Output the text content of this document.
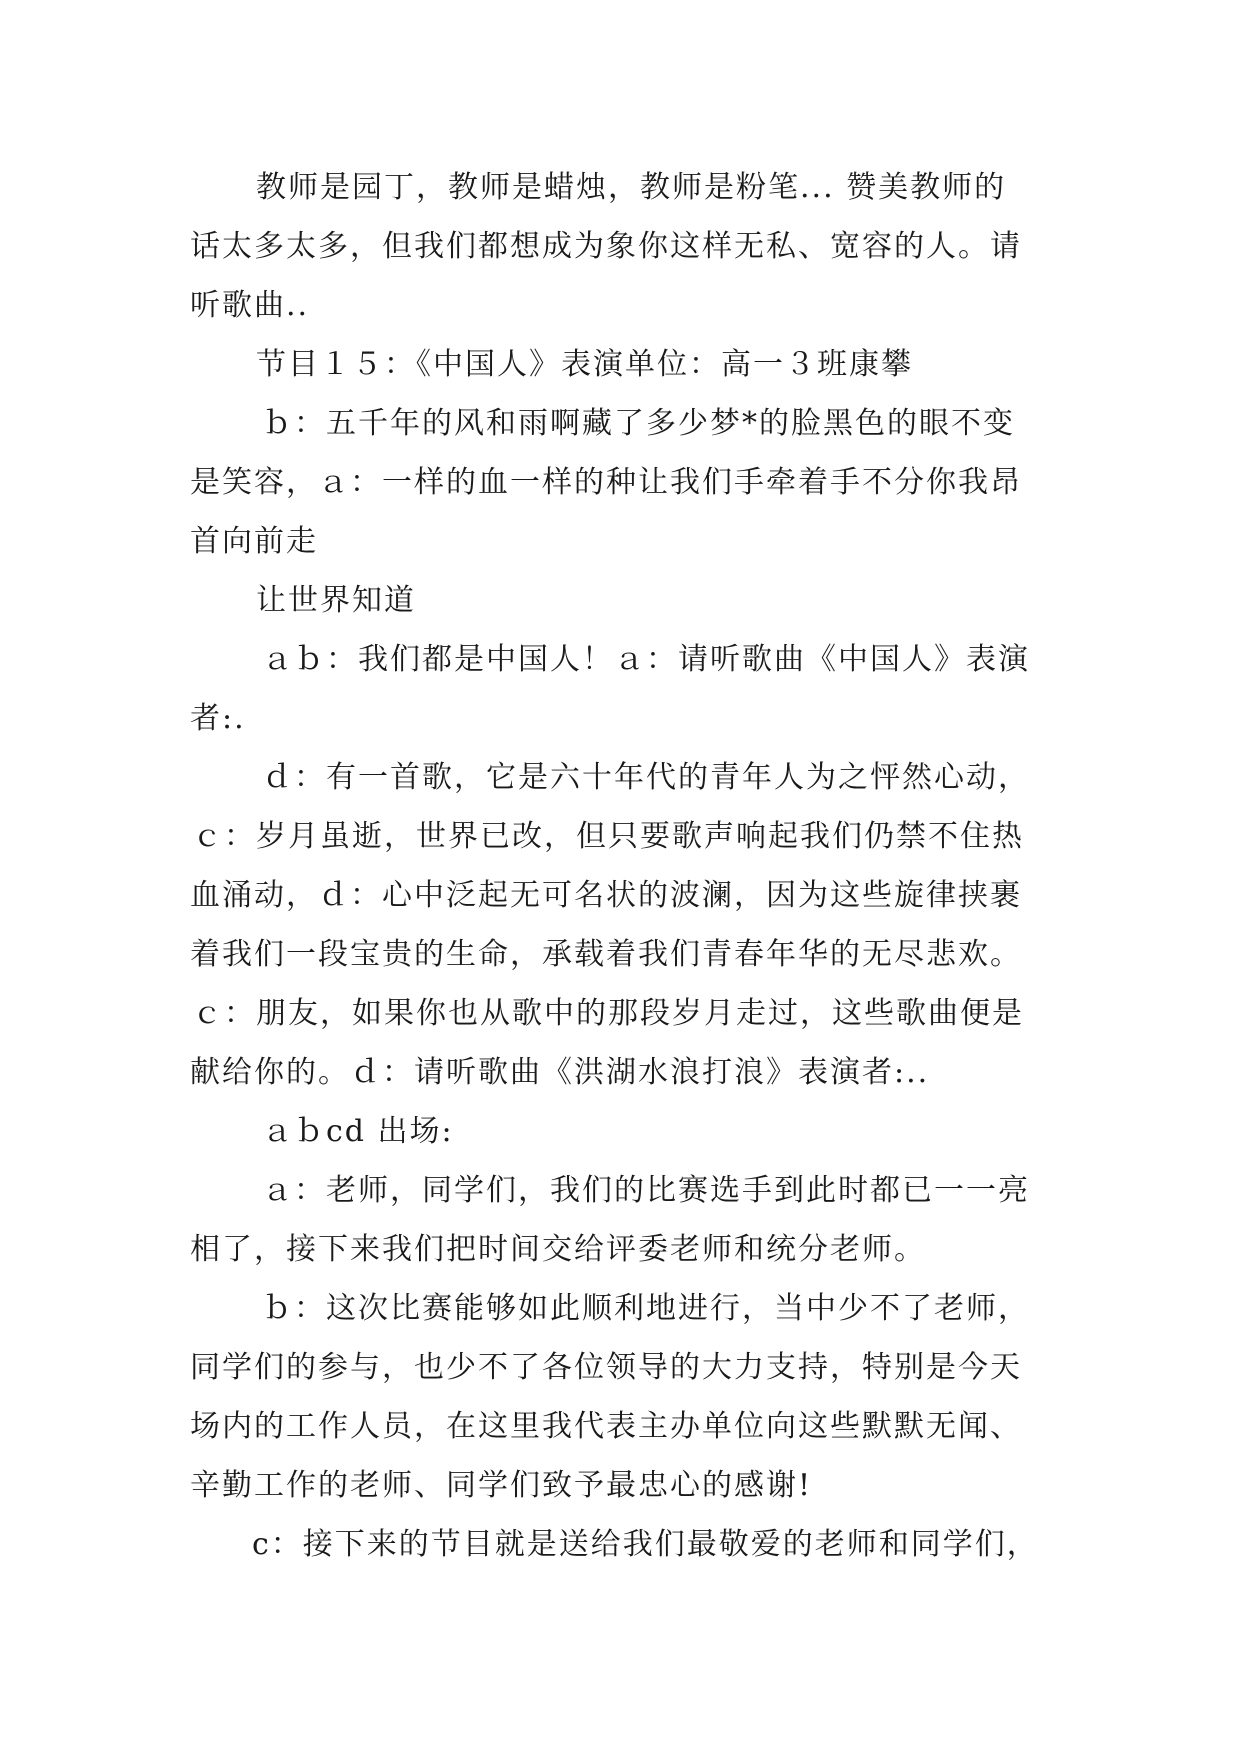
教师是园丁，教师是蜡烛，教师是粉笔... 赞美教师的
话太多太多，但我们都想成为象你这样无私、宽容的人。请
听歌曲..
节目１５：《中国人》表演单位：高一３班康攀
ｂ：五千年的风和雨啊藏了多少梦*的脸黑色的眼不变
是笑容，ａ：一样的血一样的种让我们手牵着手不分你我昂
首向前走
让世界知道
ａｂ：我们都是中国人！ａ：请听歌曲《中国人》表演
者:.
ｄ：有一首歌，它是六十年代的青年人为之怦然心动，
ｃ：岁月虽逝，世界已改，但只要歌声响起我们仍禁不住热
血涌动，ｄ：心中泛起无可名状的波澜，因为这些旋律挟裹
着我们一段宝贵的生命，承载着我们青春年华的无尽悲欢。
ｃ：朋友，如果你也从歌中的那段岁月走过，这些歌曲便是
献给你的。ｄ：请听歌曲《洪湖水浪打浪》表演者:..
ａｂcd 出场:
ａ：老师，同学们，我们的比赛选手到此时都已一一亮
相了，接下来我们把时间交给评委老师和统分老师。
ｂ：这次比赛能够如此顺利地进行，当中少不了老师，
同学们的参与，也少不了各位领导的大力支持，特别是今天
场内的工作人员，在这里我代表主办单位向这些默默无闻、
辛勤工作的老师、同学们致予最忠心的感谢!
c：接下来的节目就是送给我们最敬爱的老师和同学们，
